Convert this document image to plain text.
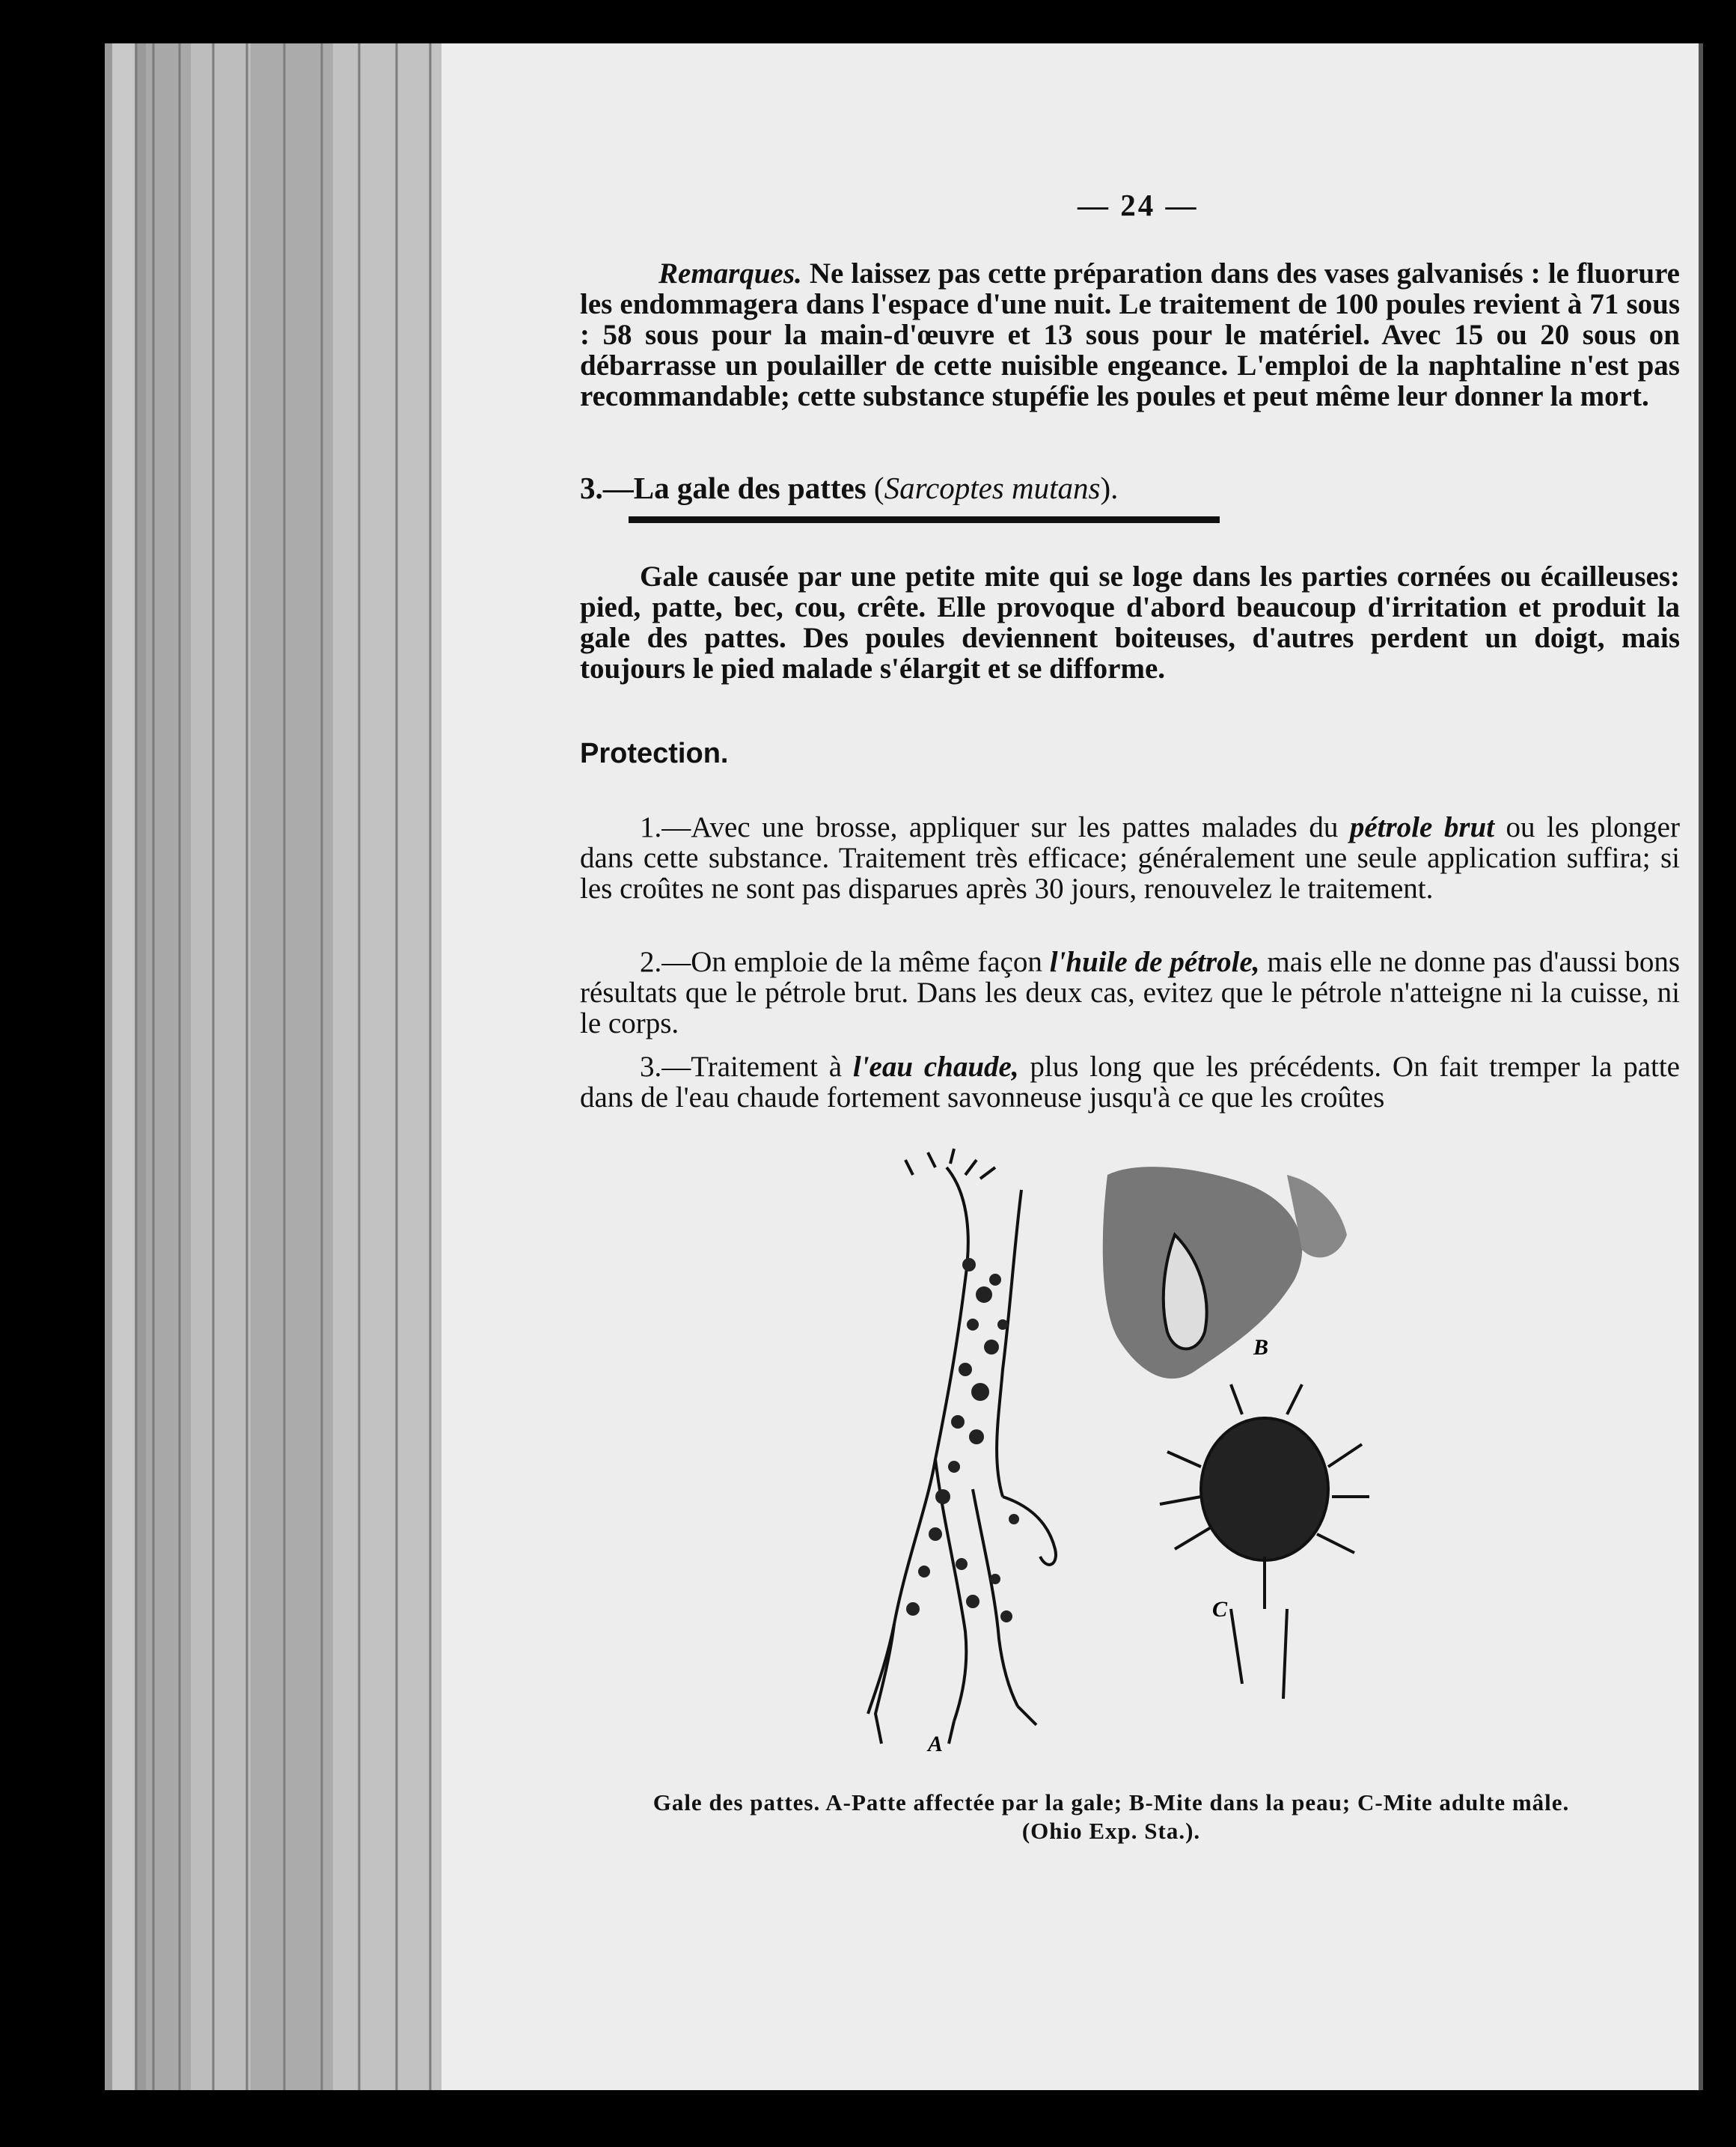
— 24 —

Remarques. Ne laissez pas cette préparation dans des vases galvanisés : le fluorure les endommagera dans l'espace d'une nuit. Le traitement de 100 poules revient à 71 sous : 58 sous pour la main-d'œuvre et 13 sous pour le matériel. Avec 15 ou 20 sous on débarrasse un poulailler de cette nuisible engeance. L'emploi de la naphtaline n'est pas recommandable; cette substance stupéfie les poules et peut même leur donner la mort.

3.—La gale des pattes (Sarcoptes mutans).

Gale causée par une petite mite qui se loge dans les parties cornées ou écailleuses: pied, patte, bec, cou, crête. Elle provoque d'abord beaucoup d'irritation et produit la gale des pattes. Des poules deviennent boiteuses, d'autres perdent un doigt, mais toujours le pied malade s'élargit et se difforme.

Protection.

1.—Avec une brosse, appliquer sur les pattes malades du pétrole brut ou les plonger dans cette substance. Traitement très efficace; généralement une seule application suffira; si les croûtes ne sont pas disparues après 30 jours, renouvelez le traitement.

2.—On emploie de la même façon l'huile de pétrole, mais elle ne donne pas d'aussi bons résultats que le pétrole brut. Dans les deux cas, evitez que le pétrole n'atteigne ni la cuisse, ni le corps.

3.—Traitement à l'eau chaude, plus long que les précédents. On fait tremper la patte dans de l'eau chaude fortement savonneuse jusqu'à ce que les croûtes

A
B
C

Gale des pattes. A-Patte affectée par la gale; B-Mite dans la peau; C-Mite adulte mâle.
(Ohio Exp. Sta.).
